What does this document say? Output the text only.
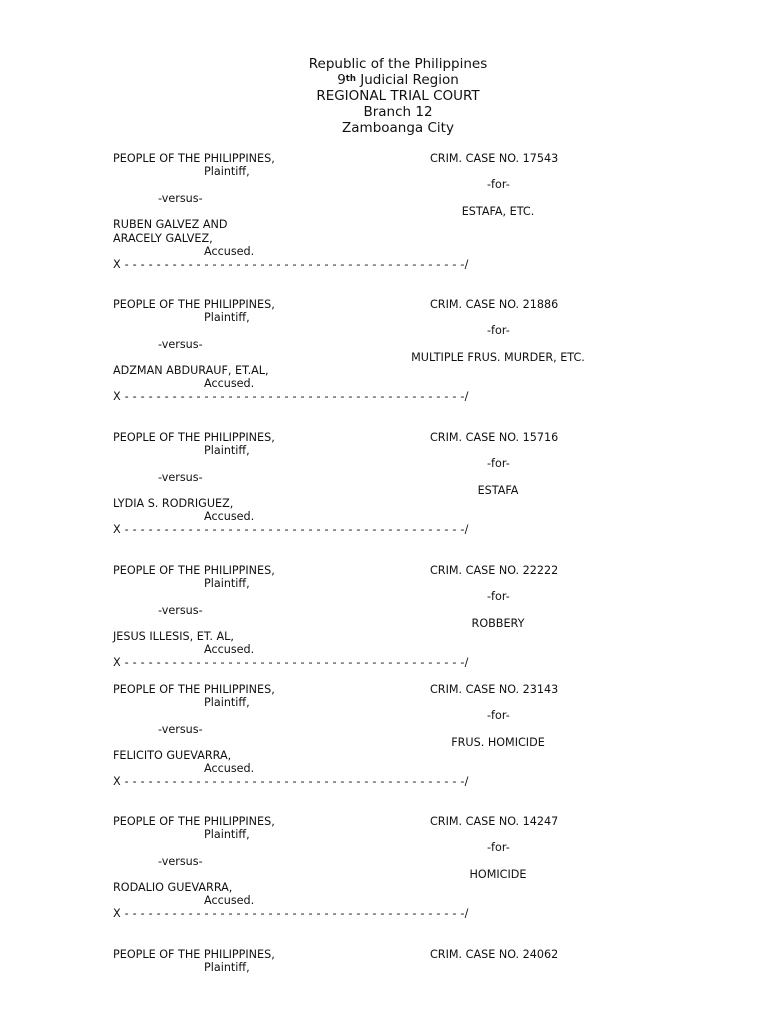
Republic of the Philippines
9th Judicial Region
REGIONAL TRIAL COURT
Branch 12
Zamboanga City
PEOPLE OF THE PHILIPPINES,
Plaintiff,
-versus-
RUBEN GALVEZ AND
ARACELY GALVEZ,
Accused.
X - - - - - - - - - - - - - - - - - - - - - - - - - - - - - - - - - - - - - - - - - - -/
CRIM. CASE NO. 17543
-for-
ESTAFA, ETC.
PEOPLE OF THE PHILIPPINES,
Plaintiff,
-versus-
ADZMAN ABDURAUF, ET.AL,
Accused.
X - - - - - - - - - - - - - - - - - - - - - - - - - - - - - - - - - - - - - - - - - - -/
CRIM. CASE NO. 21886
-for-
MULTIPLE FRUS. MURDER, ETC.
PEOPLE OF THE PHILIPPINES,
Plaintiff,
-versus-
LYDIA S. RODRIGUEZ,
Accused.
X - - - - - - - - - - - - - - - - - - - - - - - - - - - - - - - - - - - - - - - - - - -/
CRIM. CASE NO. 15716
-for-
ESTAFA
PEOPLE OF THE PHILIPPINES,
Plaintiff,
-versus-
JESUS ILLESIS, ET. AL,
Accused.
X - - - - - - - - - - - - - - - - - - - - - - - - - - - - - - - - - - - - - - - - - - -/
CRIM. CASE NO. 22222
-for-
ROBBERY
PEOPLE OF THE PHILIPPINES,
Plaintiff,
-versus-
FELICITO GUEVARRA,
Accused.
X - - - - - - - - - - - - - - - - - - - - - - - - - - - - - - - - - - - - - - - - - - -/
CRIM. CASE NO. 23143
-for-
FRUS. HOMICIDE
PEOPLE OF THE PHILIPPINES,
Plaintiff,
-versus-
RODALIO GUEVARRA,
Accused.
X - - - - - - - - - - - - - - - - - - - - - - - - - - - - - - - - - - - - - - - - - - -/
CRIM. CASE NO. 14247
-for-
HOMICIDE
PEOPLE OF THE PHILIPPINES,
Plaintiff,
CRIM. CASE NO. 24062
